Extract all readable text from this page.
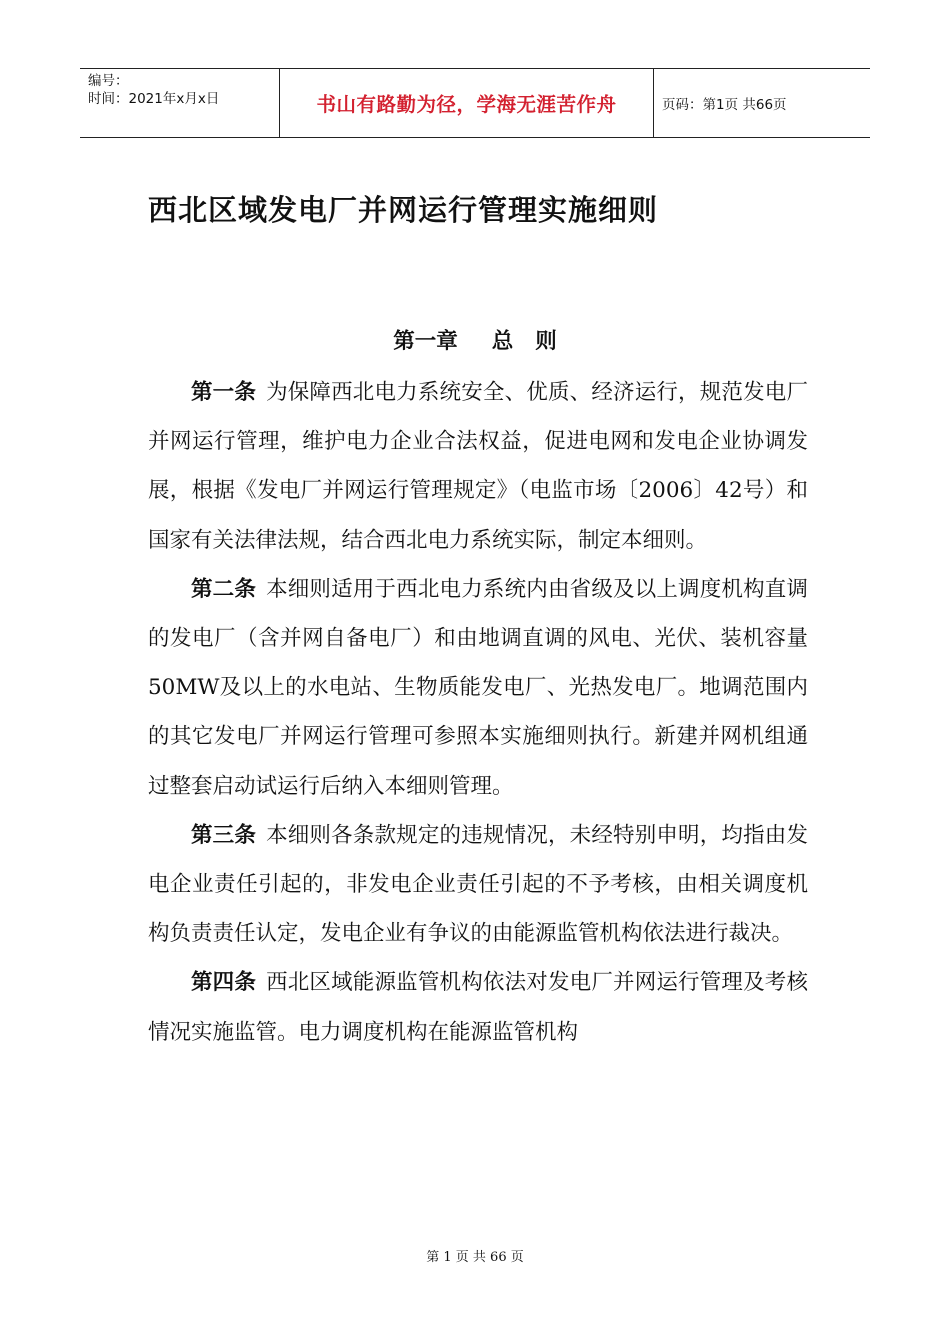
编号：
时间：2021年x月x日	书山有路勤为径，学海无涯苦作舟	页码：第1页 共66页
西北区域发电厂并网运行管理实施细则
第一章 总 则

第一条 为保障西北电力系统安全、优质、经济运行，规范发电厂并网运行管理，维护电力企业合法权益，促进电网和发电企业协调发展，根据《发电厂并网运行管理规定》（电监市场〔2006〕42号）和国家有关法律法规，结合西北电力系统实际，制定本细则。

第二条 本细则适用于西北电力系统内由省级及以上调度机构直调的发电厂（含并网自备电厂）和由地调直调的风电、光伏、装机容量50MW及以上的水电站、生物质能发电厂、光热发电厂。地调范围内的其它发电厂并网运行管理可参照本实施细则执行。新建并网机组通过整套启动试运行后纳入本细则管理。

第三条 本细则各条款规定的违规情况，未经特别申明，均指由发电企业责任引起的，非发电企业责任引起的不予考核，由相关调度机构负责责任认定，发电企业有争议的由能源监管机构依法进行裁决。

第四条 西北区域能源监管机构依法对发电厂并网运行管理及考核情况实施监管。电力调度机构在能源监管机构

第 1 页 共 66 页
